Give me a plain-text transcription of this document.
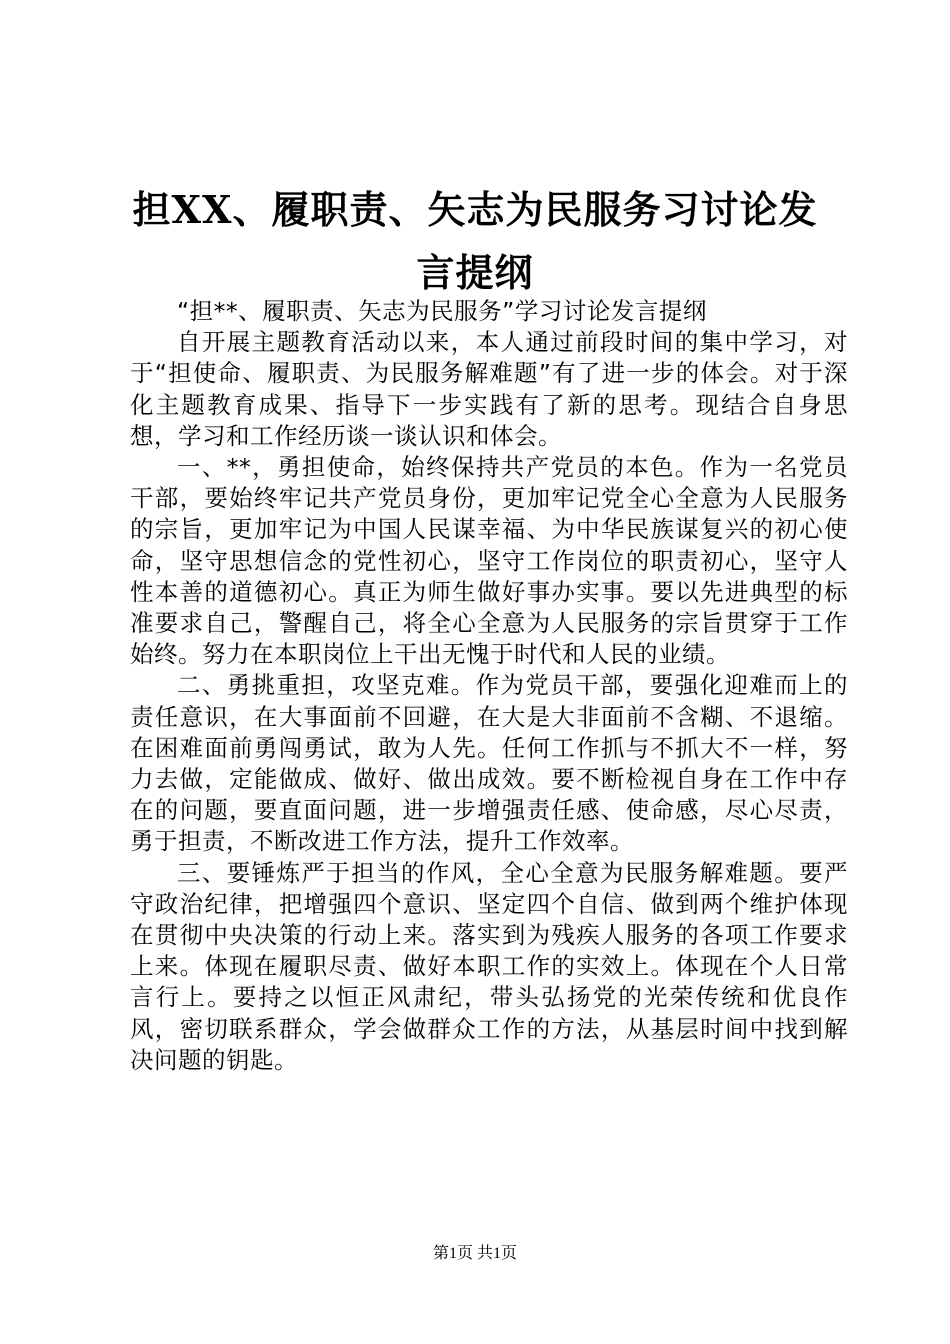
担XX、履职责、矢志为民服务习讨论发言提纲

“担**、履职责、矢志为民服务”学习讨论发言提纲

自开展主题教育活动以来，本人通过前段时间的集中学习，对于“担使命、履职责、为民服务解难题”有了进一步的体会。对于深化主题教育成果、指导下一步实践有了新的思考。现结合自身思想，学习和工作经历谈一谈认识和体会。

一、**，勇担使命，始终保持共产党员的本色。作为一名党员干部，要始终牢记共产党员身份，更加牢记党全心全意为人民服务的宗旨，更加牢记为中国人民谋幸福、为中华民族谋复兴的初心使命，坚守思想信念的党性初心，坚守工作岗位的职责初心，坚守人性本善的道德初心。真正为师生做好事办实事。要以先进典型的标准要求自己，警醒自己，将全心全意为人民服务的宗旨贯穿于工作始终。努力在本职岗位上干出无愧于时代和人民的业绩。

二、勇挑重担，攻坚克难。作为党员干部，要强化迎难而上的责任意识，在大事面前不回避，在大是大非面前不含糊、不退缩。在困难面前勇闯勇试，敢为人先。任何工作抓与不抓大不一样，努力去做，定能做成、做好、做出成效。要不断检视自身在工作中存在的问题，要直面问题，进一步增强责任感、使命感，尽心尽责，勇于担责，不断改进工作方法，提升工作效率。

三、要锤炼严于担当的作风，全心全意为民服务解难题。要严守政治纪律，把增强四个意识、坚定四个自信、做到两个维护体现在贯彻中央决策的行动上来。落实到为残疾人服务的各项工作要求上来。体现在履职尽责、做好本职工作的实效上。体现在个人日常言行上。要持之以恒正风肃纪，带头弘扬党的光荣传统和优良作风，密切联系群众，学会做群众工作的方法，从基层时间中找到解决问题的钥匙。

第1页 共1页
